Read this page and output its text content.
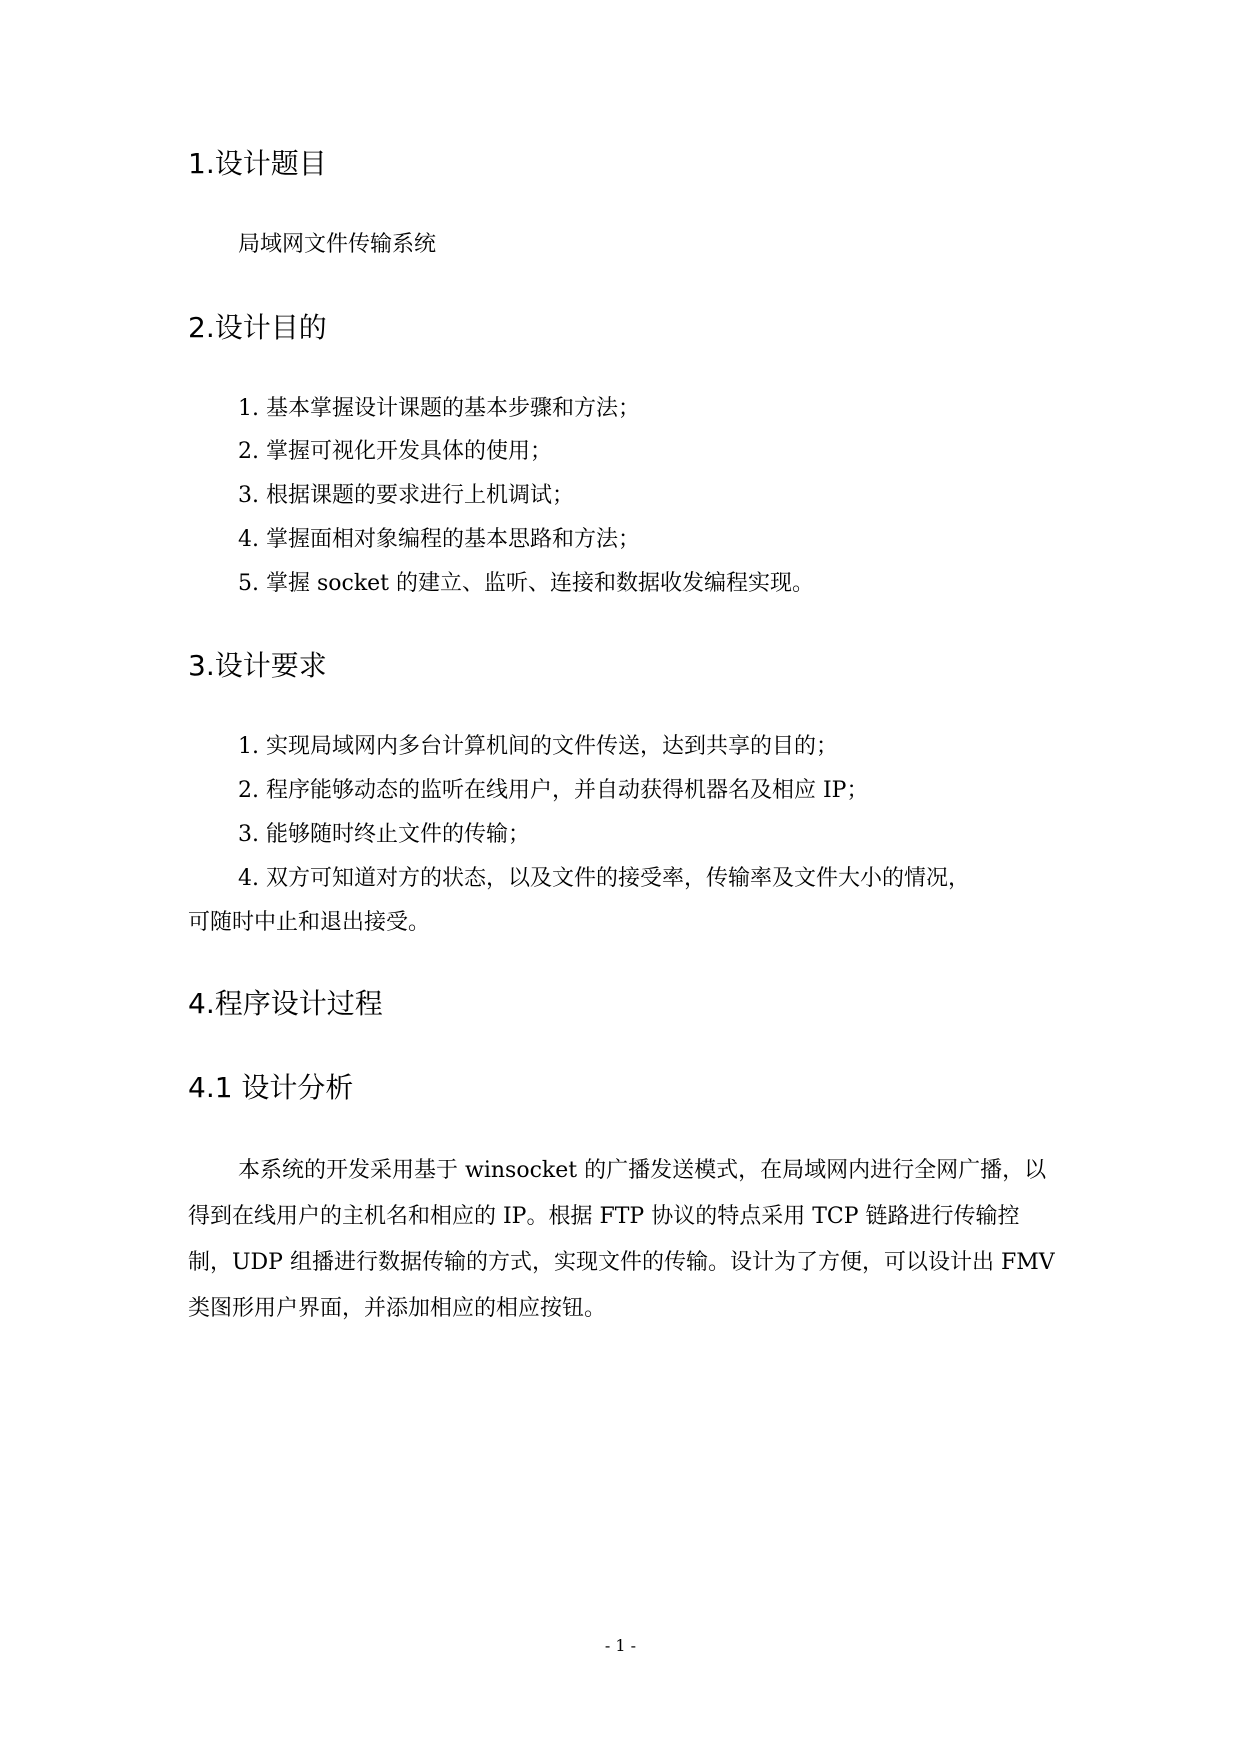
1.设计题目

局域网文件传输系统

2.设计目的

1. 基本掌握设计课题的基本步骤和方法；

2. 掌握可视化开发具体的使用；

3. 根据课题的要求进行上机调试；

4. 掌握面相对象编程的基本思路和方法；

5. 掌握 socket 的建立、监听、连接和数据收发编程实现。

3.设计要求

1. 实现局域网内多台计算机间的文件传送，达到共享的目的；

2. 程序能够动态的监听在线用户，并自动获得机器名及相应 IP；

3. 能够随时终止文件的传输；

4. 双方可知道对方的状态，以及文件的接受率，传输率及文件大小的情况，

可随时中止和退出接受。

4.程序设计过程
4.1 设计分析

本系统的开发采用基于 winsocket 的广播发送模式，在局域网内进行全网广播，以得到在线用户的主机名和相应的 IP。根据 FTP 协议的特点采用 TCP 链路进行传输控制，UDP 组播进行数据传输的方式，实现文件的传输。设计为了方便，可以设计出 FMV 类图形用户界面，并添加相应的相应按钮。

- 1 -
